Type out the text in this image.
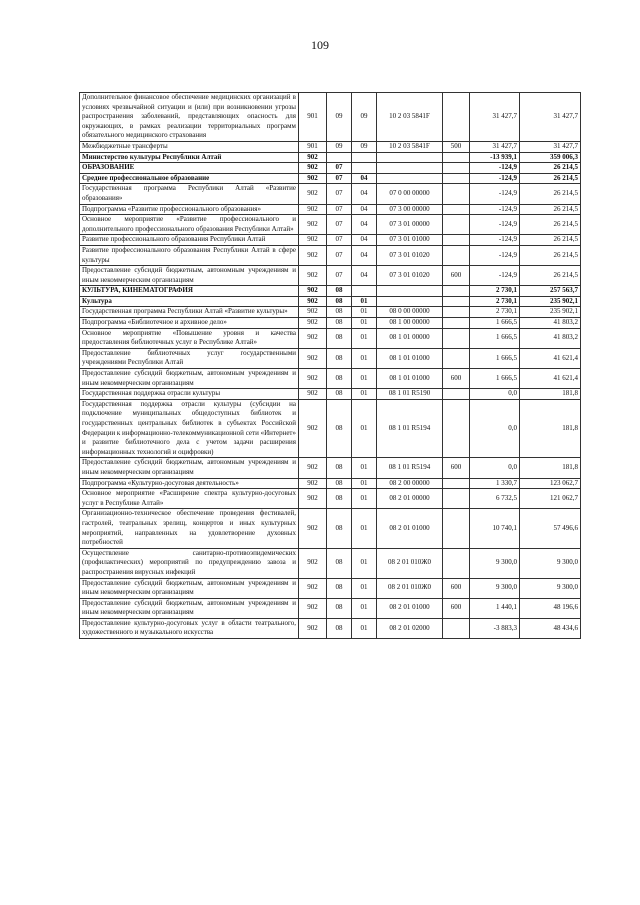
109
Дополнительное финансовое обеспечение медицинских организаций в условиях чрезвычайной ситуации и (или) при возникновении угрозы распространения заболеваний, представляющих опасность для окружающих, в рамках реализации территориальных программ обязательного медицинского страхования	901	09	09	10 2 03 5841F		31 427,7	31 427,7
Межбюджетные трансферты	901	09	09	10 2 03 5841F	500	31 427,7	31 427,7
Министерство культуры Республики Алтай	902					-13 939,1	359 006,3
ОБРАЗОВАНИЕ	902	07				-124,9	26 214,5
Среднее профессиональное образование	902	07	04			-124,9	26 214,5
Государственная программа Республики Алтай «Развитие образования»	902	07	04	07 0 00 00000		-124,9	26 214,5
Подпрограмма «Развитие профессионального образования»	902	07	04	07 3 00 00000		-124,9	26 214,5
Основное мероприятие «Развитие профессионального и дополнительного профессионального образования Республики Алтай»	902	07	04	07 3 01 00000		-124,9	26 214,5
Развитие профессионального образования Республики Алтай	902	07	04	07 3 01 01000		-124,9	26 214,5
Развитие профессионального образования Республики Алтай в сфере культуры	902	07	04	07 3 01 01020		-124,9	26 214,5
Предоставление субсидий бюджетным, автономным учреждениям и иным некоммерческим организациям	902	07	04	07 3 01 01020	600	-124,9	26 214,5
КУЛЬТУРА, КИНЕМАТОГРАФИЯ	902	08				2 730,1	257 563,7
Культура	902	08	01			2 730,1	235 902,1
Государственная программа Республики Алтай «Развитие культуры»	902	08	01	08 0 00 00000		2 730,1	235 902,1
Подпрограмма «Библиотечное и архивное дело»	902	08	01	08 1 00 00000		1 666,5	41 803,2
Основное мероприятие «Повышение уровня и качества предоставления библиотечных услуг в Республике Алтай»	902	08	01	08 1 01 00000		1 666,5	41 803,2
Предоставление библиотечных услуг государственными учреждениями Республики Алтай	902	08	01	08 1 01 01000		1 666,5	41 621,4
Предоставление субсидий бюджетным, автономным учреждениям и иным некоммерческим организациям	902	08	01	08 1 01 01000	600	1 666,5	41 621,4
Государственная поддержка отрасли культуры	902	08	01	08 1 01 R5190		0,0	181,8
Государственная поддержка отрасли культуры (субсидии на подключение муниципальных общедоступных библиотек и государственных центральных библиотек в субъектах Российской Федерации к информационно-телекоммуникационной сети «Интернет» и развитие библиотечного дела с учетом задачи расширения информационных технологий и оцифровки)	902	08	01	08 1 01 R5194		0,0	181,8
Предоставление субсидий бюджетным, автономным учреждениям и иным некоммерческим организациям	902	08	01	08 1 01 R5194	600	0,0	181,8
Подпрограмма «Культурно-досуговая деятельность»	902	08	01	08 2 00 00000		1 330,7	123 062,7
Основное мероприятие «Расширение спектра культурно-досуговых услуг в Республике Алтай»	902	08	01	08 2 01 00000		6 732,5	121 062,7
Организационно-техническое обеспечение проведения фестивалей, гастролей, театральных зрелищ, концертов и иных культурных мероприятий, направленных на удовлетворение духовных потребностей	902	08	01	08 2 01 01000		10 740,1	57 496,6
Осуществление санитарно-противоэпидемических (профилактических) мероприятий по предупреждению завоза и распространения вирусных инфекций	902	08	01	08 2 01 010Ж0		9 300,0	9 300,0
Предоставление субсидий бюджетным, автономным учреждениям и иным некоммерческим организациям	902	08	01	08 2 01 010Ж0	600	9 300,0	9 300,0
Предоставление субсидий бюджетным, автономным учреждениям и иным некоммерческим организациям	902	08	01	08 2 01 01000	600	1 440,1	48 196,6
Предоставление культурно-досуговых услуг в области театрального, художественного и музыкального искусства	902	08	01	08 2 01 02000		-3 883,3	48 434,6
